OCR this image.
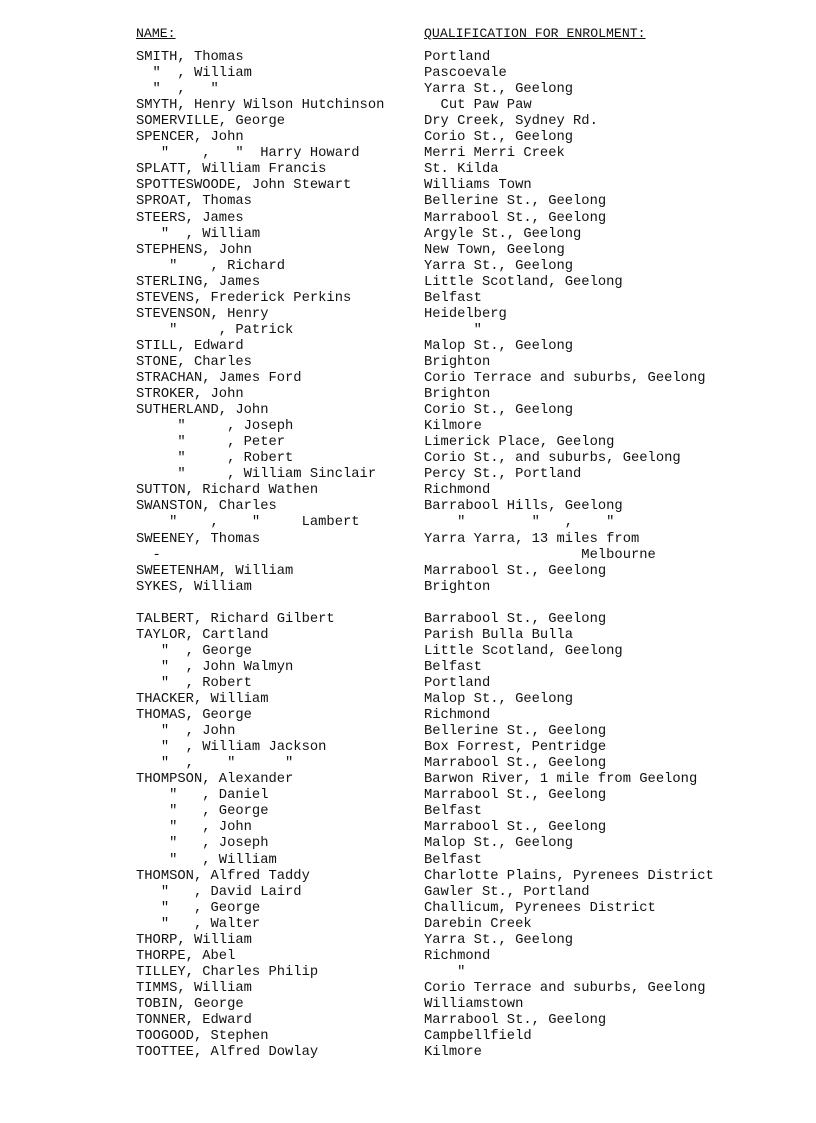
NAME:	QUALIFICATION FOR ENROLMENT:
SMITH, Thomas	Portland
"  , William	Pascoevale
"  ,   "	Yarra St., Geelong
SMYTH, Henry Wilson Hutchinson	Cut Paw Paw
SOMERVILLE, George	Dry Creek, Sydney Rd.
SPENCER, John	Corio St., Geelong
"    ,   "  Harry Howard	Merri Merri Creek
SPLATT, William Francis	St. Kilda
SPOTTESWOODE, John Stewart	Williams Town
SPROAT, Thomas	Bellerine St., Geelong
STEERS, James	Marrabool St., Geelong
"  , William	Argyle St., Geelong
STEPHENS, John	New Town, Geelong
"    , Richard	Yarra St., Geelong
STERLING, James	Little Scotland, Geelong
STEVENS, Frederick Perkins	Belfast
STEVENSON, Henry	Heidelberg
"     , Patrick	"
STILL, Edward	Malop St., Geelong
STONE, Charles	Brighton
STRACHAN, James Ford	Corio Terrace and suburbs, Geelong
STROKER, John	Brighton
SUTHERLAND, John	Corio St., Geelong
"     , Joseph	Kilmore
"     , Peter	Limerick Place, Geelong
"     , Robert	Corio St., and suburbs, Geelong
"     , William Sinclair	Percy St., Portland
SUTTON, Richard Wathen	Richmond
SWANSTON, Charles	Barrabool Hills, Geelong
"    ,    "     Lambert	"        "   ,    "
SWEENEY, Thomas	Yarra Yarra, 13 miles from
-	Melbourne
SWEETENHAM, William	Marrabool St., Geelong
SYKES, William	Brighton
TALBERT, Richard Gilbert	Barrabool St., Geelong
TAYLOR, Cartland	Parish Bulla Bulla
"  , George	Little Scotland, Geelong
"  , John Walmyn	Belfast
"  , Robert	Portland
THACKER, William	Malop St., Geelong
THOMAS, George	Richmond
"  , John	Bellerine St., Geelong
"  , William Jackson	Box Forrest, Pentridge
"  ,    "      "	Marrabool St., Geelong
THOMPSON, Alexander	Barwon River, 1 mile from Geelong
"   , Daniel	Marrabool St., Geelong
"   , George	Belfast
"   , John	Marrabool St., Geelong
"   , Joseph	Malop St., Geelong
"   , William	Belfast
THOMSON, Alfred Taddy	Charlotte Plains, Pyrenees District
"   , David Laird	Gawler St., Portland
"   , George	Challicum, Pyrenees District
"   , Walter	Darebin Creek
THORP, William	Yarra St., Geelong
THORPE, Abel	Richmond
TILLEY, Charles Philip	"
TIMMS, William	Corio Terrace and suburbs, Geelong
TOBIN, George	Williamstown
TONNER, Edward	Marrabool St., Geelong
TOOGOOD, Stephen	Campbellfield
TOOTTEE, Alfred Dowlay	Kilmore
